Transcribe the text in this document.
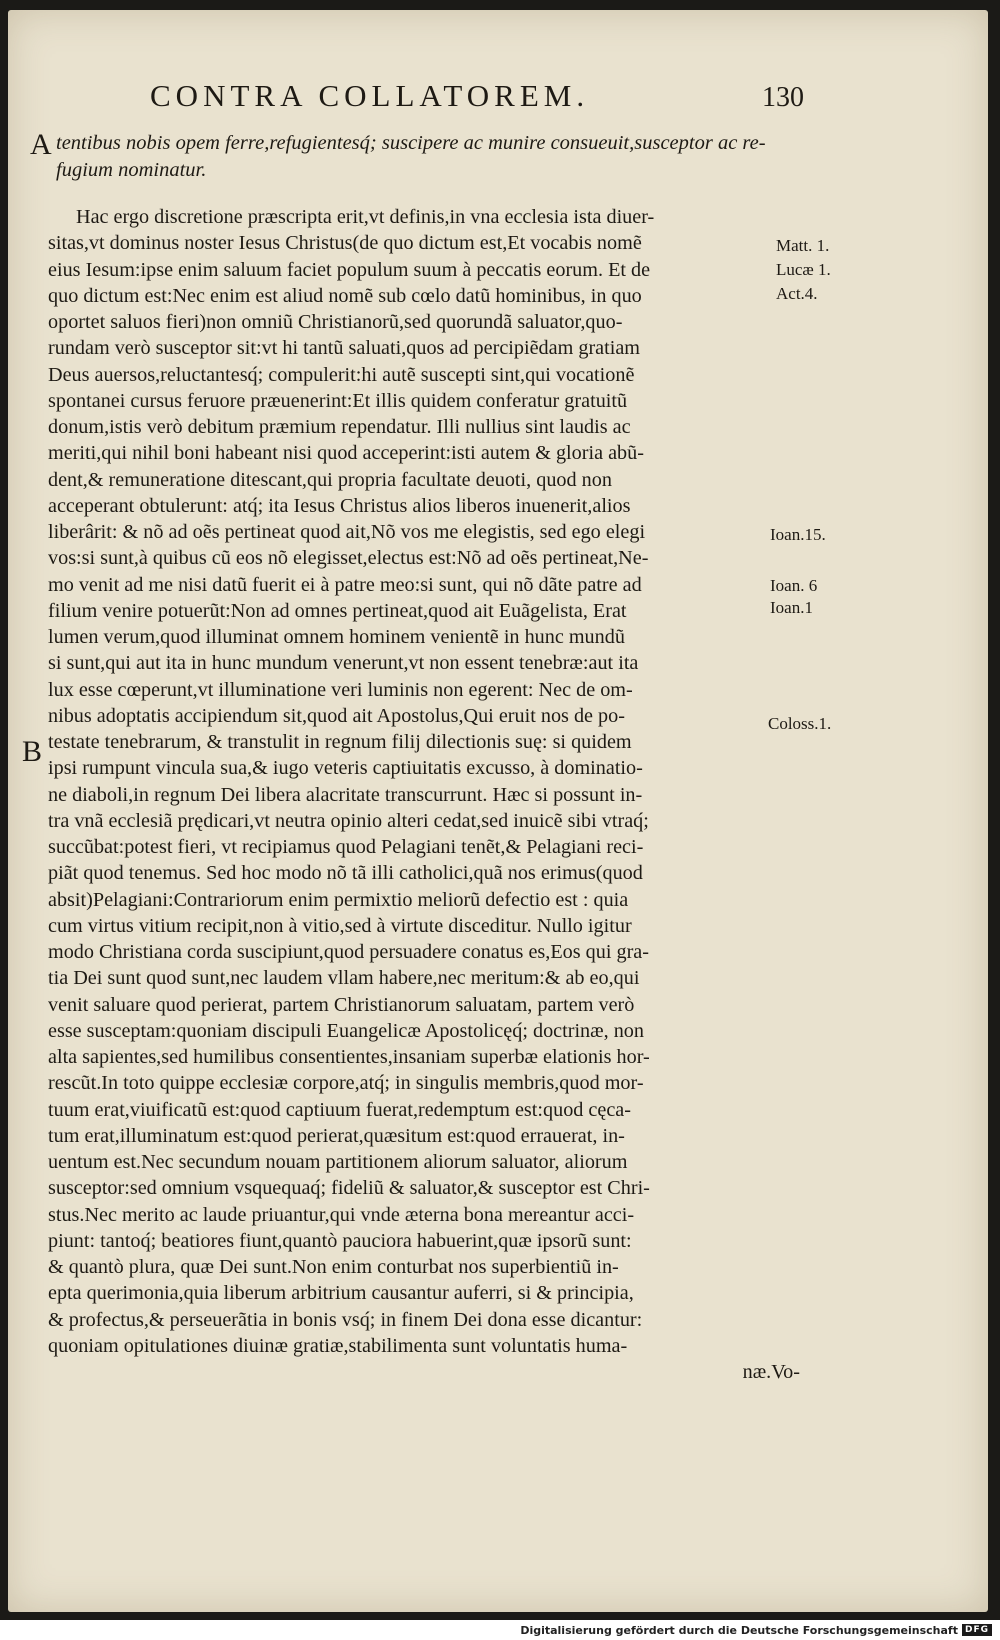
CONTRA COLLATOREM.	130
A
B
tentibus nobis opem ferre,refugientesq́; suscipere ac munire consueuit,susceptor ac re-
fugium nominatur.
Hac ergo discretione præscripta erit,vt definis,in vna ecclesia ista diuer-
sitas,vt dominus noster Iesus Christus(de quo dictum est,Et vocabis nomẽ
eius Iesum:ipse enim saluum faciet populum suum à peccatis eorum. Et de
quo dictum est:Nec enim est aliud nomẽ sub cœlo datũ hominibus, in quo
oportet saluos fieri)non omniũ Christianorũ,sed quorundã saluator,quo-
rundam verò susceptor sit:vt hi tantũ saluati,quos ad percipiẽdam gratiam
Deus auersos,reluctantesq́; compulerit:hi autẽ suscepti sint,qui vocationẽ
spontanei cursus feruore præuenerint:Et illis quidem conferatur gratuitũ
donum,istis verò debitum præmium rependatur. Illi nullius sint laudis ac
meriti,qui nihil boni habeant nisi quod acceperint:isti autem & gloria abũ-
dent,& remuneratione ditescant,qui propria facultate deuoti, quod non
acceperant obtulerunt: atq́; ita Iesus Christus alios liberos inuenerit,alios
liberârit: & nõ ad oẽs pertineat quod ait,Nõ vos me elegistis, sed ego elegi
vos:si sunt,à quibus cũ eos nõ elegisset,electus est:Nõ ad oẽs pertineat,Ne-
mo venit ad me nisi datũ fuerit ei à patre meo:si sunt, qui nõ dãte patre ad
filium venire potuerũt:Non ad omnes pertineat,quod ait Euãgelista, Erat
lumen verum,quod illuminat omnem hominem venientẽ in hunc mundũ
si sunt,qui aut ita in hunc mundum venerunt,vt non essent tenebræ:aut ita
lux esse cœperunt,vt illuminatione veri luminis non egerent: Nec de om-
nibus adoptatis accipiendum sit,quod ait Apostolus,Qui eruit nos de po-
testate tenebrarum, & transtulit in regnum filij dilectionis suę: si quidem
ipsi rumpunt vincula sua,& iugo veteris captiuitatis excusso, à dominatio-
ne diaboli,in regnum Dei libera alacritate transcurrunt. Hæc si possunt in-
tra vnã ecclesiã prędicari,vt neutra opinio alteri cedat,sed inuicẽ sibi vtraq́;
succũbat:potest fieri, vt recipiamus quod Pelagiani tenẽt,& Pelagiani reci-
piãt quod tenemus. Sed hoc modo nõ tã illi catholici,quã nos erimus(quod
absit)Pelagiani:Contrariorum enim permixtio meliorũ defectio est : quia
cum virtus vitium recipit,non à vitio,sed à virtute disceditur. Nullo igitur
modo Christiana corda suscipiunt,quod persuadere conatus es,Eos qui gra-
tia Dei sunt quod sunt,nec laudem vllam habere,nec meritum:& ab eo,qui
venit saluare quod perierat, partem Christianorum saluatam, partem verò
esse susceptam:quoniam discipuli Euangelicæ Apostolicęq́; doctrinæ, non
alta sapientes,sed humilibus consentientes,insaniam superbæ elationis hor-
rescũt.In toto quippe ecclesiæ corpore,atq́; in singulis membris,quod mor-
tuum erat,viuificatũ est:quod captiuum fuerat,redemptum est:quod cęca-
tum erat,illuminatum est:quod perierat,quæsitum est:quod errauerat, in-
uentum est.Nec secundum nouam partitionem aliorum saluator, aliorum
susceptor:sed omnium vsquequaq́; fideliũ & saluator,& susceptor est Chri-
stus.Nec merito ac laude priuantur,qui vnde æterna bona mereantur acci-
piunt: tantoq́; beatiores fiunt,quantò pauciora habuerint,quæ ipsorũ sunt:
& quantò plura, quæ Dei sunt.Non enim conturbat nos superbientiũ in-
epta querimonia,quia liberum arbitrium causantur auferri, si & principia,
& profectus,& perseuerãtia in bonis vsq́; in finem Dei dona esse dicantur:
quoniam opitulationes diuinæ gratiæ,stabilimenta sunt voluntatis huma-
næ.Vo-
Matt. 1.
Lucæ 1.
Act.4.
Ioan.15.
Ioan. 6
Ioan.1
Coloss.1.
Digitalisierung gefördert durch die Deutsche Forschungsgemeinschaft DFG
